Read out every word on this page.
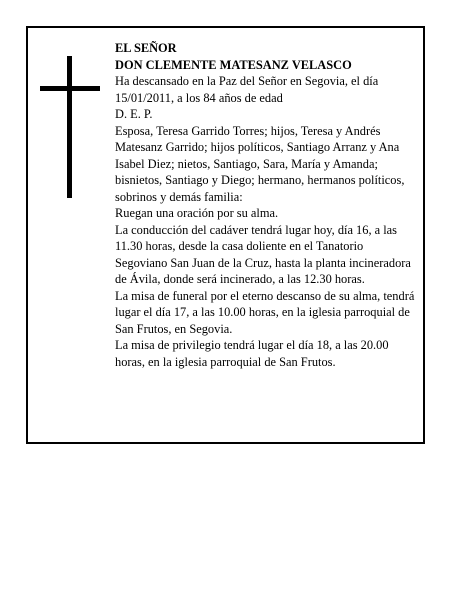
EL SEÑOR

DON CLEMENTE MATESANZ VELASCO

Ha descansado en la Paz del Señor en Segovia, el día 15/01/2011, a los 84 años de edad

D. E. P.

Esposa, Teresa Garrido Torres; hijos, Teresa y Andrés Matesanz Garrido; hijos políticos, Santiago Arranz y Ana Isabel Diez; nietos, Santiago, Sara, María y Amanda; bisnietos, Santiago y Diego; hermano, hermanos políticos, sobrinos y demás familia:

Ruegan una oración por su alma.

La conducción del cadáver tendrá lugar hoy, día 16, a las 11.30 horas, desde la casa doliente en el Tanatorio Segoviano San Juan de la Cruz, hasta la planta incineradora de Ávila, donde será incinerado, a las 12.30 horas.

La misa de funeral por el eterno descanso de su alma, tendrá lugar el día 17, a las 10.00 horas, en la iglesia parroquial de San Frutos, en Segovia.

La misa de privilegio tendrá lugar el día 18, a las 20.00 horas, en la iglesia parroquial de San Frutos.
